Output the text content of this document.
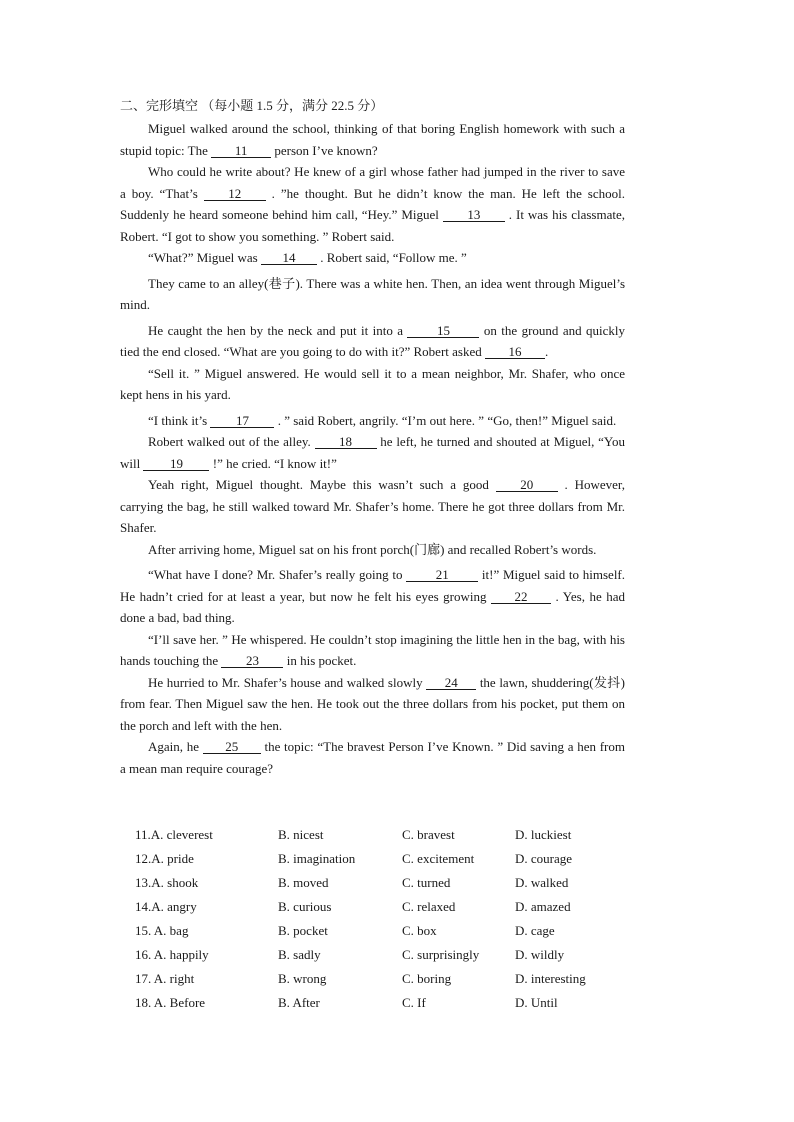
二、完形填空 （每小题 1.5 分，满分 22.5 分）

Miguel walked around the school, thinking of that boring English homework with such a stupid topic: The 11 person I’ve known?

Who could he write about? He knew of a girl whose father had jumped in the river to save a boy. “That’s 12 . ”he thought. But he didn’t know the man. He left the school. Suddenly he heard someone behind him call, “Hey.” Miguel 13 . It was his classmate, Robert. “I got to show you something. ” Robert said.

“What?” Miguel was 14 . Robert said, “Follow me. ”

They came to an alley(巷子). There was a white hen. Then, an idea went through Miguel’s mind.

He caught the hen by the neck and put it into a 15 on the ground and quickly tied the end closed. “What are you going to do with it?” Robert asked 16 .

“Sell it. ” Miguel answered. He would sell it to a mean neighbor, Mr. Shafer, who once kept hens in his yard.

“I think it’s 17 . ” said Robert, angrily. “I’m out here. ” “Go, then!” Miguel said.

Robert walked out of the alley. 18 he left, he turned and shouted at Miguel, “You will 19 !” he cried. “I know it!”

Yeah right, Miguel thought. Maybe this wasn’t such a good 20 . However, carrying the bag, he still walked toward Mr. Shafer’s home. There he got three dollars from Mr. Shafer.

After arriving home, Miguel sat on his front porch(门廊) and recalled Robert’s words.

“What have I done? Mr. Shafer’s really going to 21 it!” Miguel said to himself. He hadn’t cried for at least a year, but now he felt his eyes growing 22 . Yes, he had done a bad, bad thing.

“I’ll save her. ” He whispered. He couldn’t stop imagining the little hen in the bag, with his hands touching the 23 in his pocket.

He hurried to Mr. Shafer’s house and walked slowly 24 the lawn, shuddering(发抖) from fear. Then Miguel saw the hen. He took out the three dollars from his pocket, put them on the porch and left with the hen.

Again, he 25 the topic: “The bravest Person I’ve Known. ” Did saving a hen from a mean man require courage?

11.A. cleverest	B. nicest	C. bravest	D. luckiest
12.A. pride	B. imagination	C. excitement	D. courage
13.A. shook	B. moved	C. turned	D. walked
14.A. angry	B. curious	C. relaxed	D. amazed
15. A. bag	B. pocket	C. box	D. cage
16. A. happily	B. sadly	C. surprisingly	D. wildly
17. A. right	B. wrong	C. boring	D. interesting
18. A. Before	B. After	C. If	D. Until
